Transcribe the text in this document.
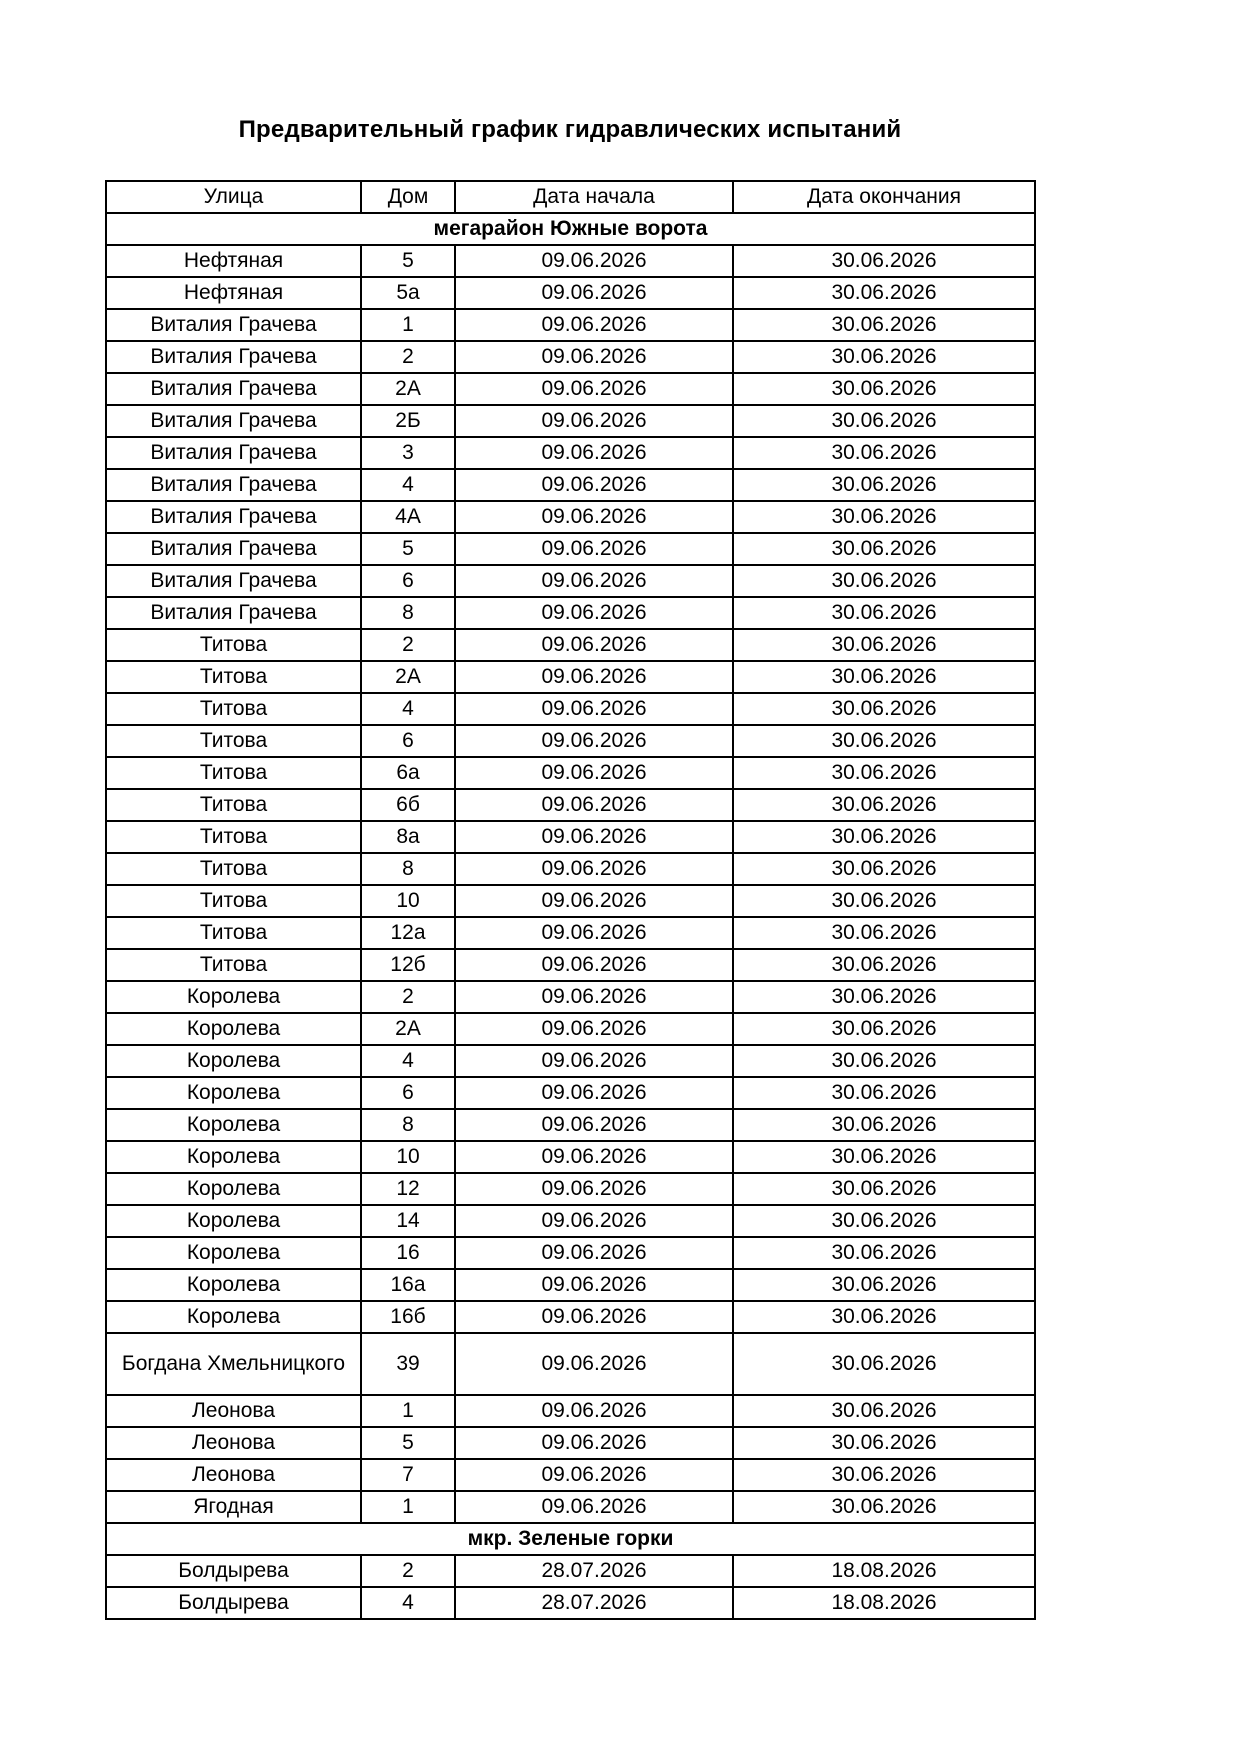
Предварительный график гидравлических испытаний
Улица	Дом	Дата начала	Дата окончания
мегарайон Южные ворота			
Нефтяная	5	09.06.2026	30.06.2026
Нефтяная	5а	09.06.2026	30.06.2026
Виталия Грачева	1	09.06.2026	30.06.2026
Виталия Грачева	2	09.06.2026	30.06.2026
Виталия Грачева	2А	09.06.2026	30.06.2026
Виталия Грачева	2Б	09.06.2026	30.06.2026
Виталия Грачева	3	09.06.2026	30.06.2026
Виталия Грачева	4	09.06.2026	30.06.2026
Виталия Грачева	4А	09.06.2026	30.06.2026
Виталия Грачева	5	09.06.2026	30.06.2026
Виталия Грачева	6	09.06.2026	30.06.2026
Виталия Грачева	8	09.06.2026	30.06.2026
Титова	2	09.06.2026	30.06.2026
Титова	2А	09.06.2026	30.06.2026
Титова	4	09.06.2026	30.06.2026
Титова	6	09.06.2026	30.06.2026
Титова	6а	09.06.2026	30.06.2026
Титова	6б	09.06.2026	30.06.2026
Титова	8а	09.06.2026	30.06.2026
Титова	8	09.06.2026	30.06.2026
Титова	10	09.06.2026	30.06.2026
Титова	12а	09.06.2026	30.06.2026
Титова	12б	09.06.2026	30.06.2026
Королева	2	09.06.2026	30.06.2026
Королева	2А	09.06.2026	30.06.2026
Королева	4	09.06.2026	30.06.2026
Королева	6	09.06.2026	30.06.2026
Королева	8	09.06.2026	30.06.2026
Королева	10	09.06.2026	30.06.2026
Королева	12	09.06.2026	30.06.2026
Королева	14	09.06.2026	30.06.2026
Королева	16	09.06.2026	30.06.2026
Королева	16а	09.06.2026	30.06.2026
Королева	16б	09.06.2026	30.06.2026
Богдана Хмельницкого	39	09.06.2026	30.06.2026
Леонова	1	09.06.2026	30.06.2026
Леонова	5	09.06.2026	30.06.2026
Леонова	7	09.06.2026	30.06.2026
Ягодная	1	09.06.2026	30.06.2026
мкр. Зеленые горки			
Болдырева	2	28.07.2026	18.08.2026
Болдырева	4	28.07.2026	18.08.2026
